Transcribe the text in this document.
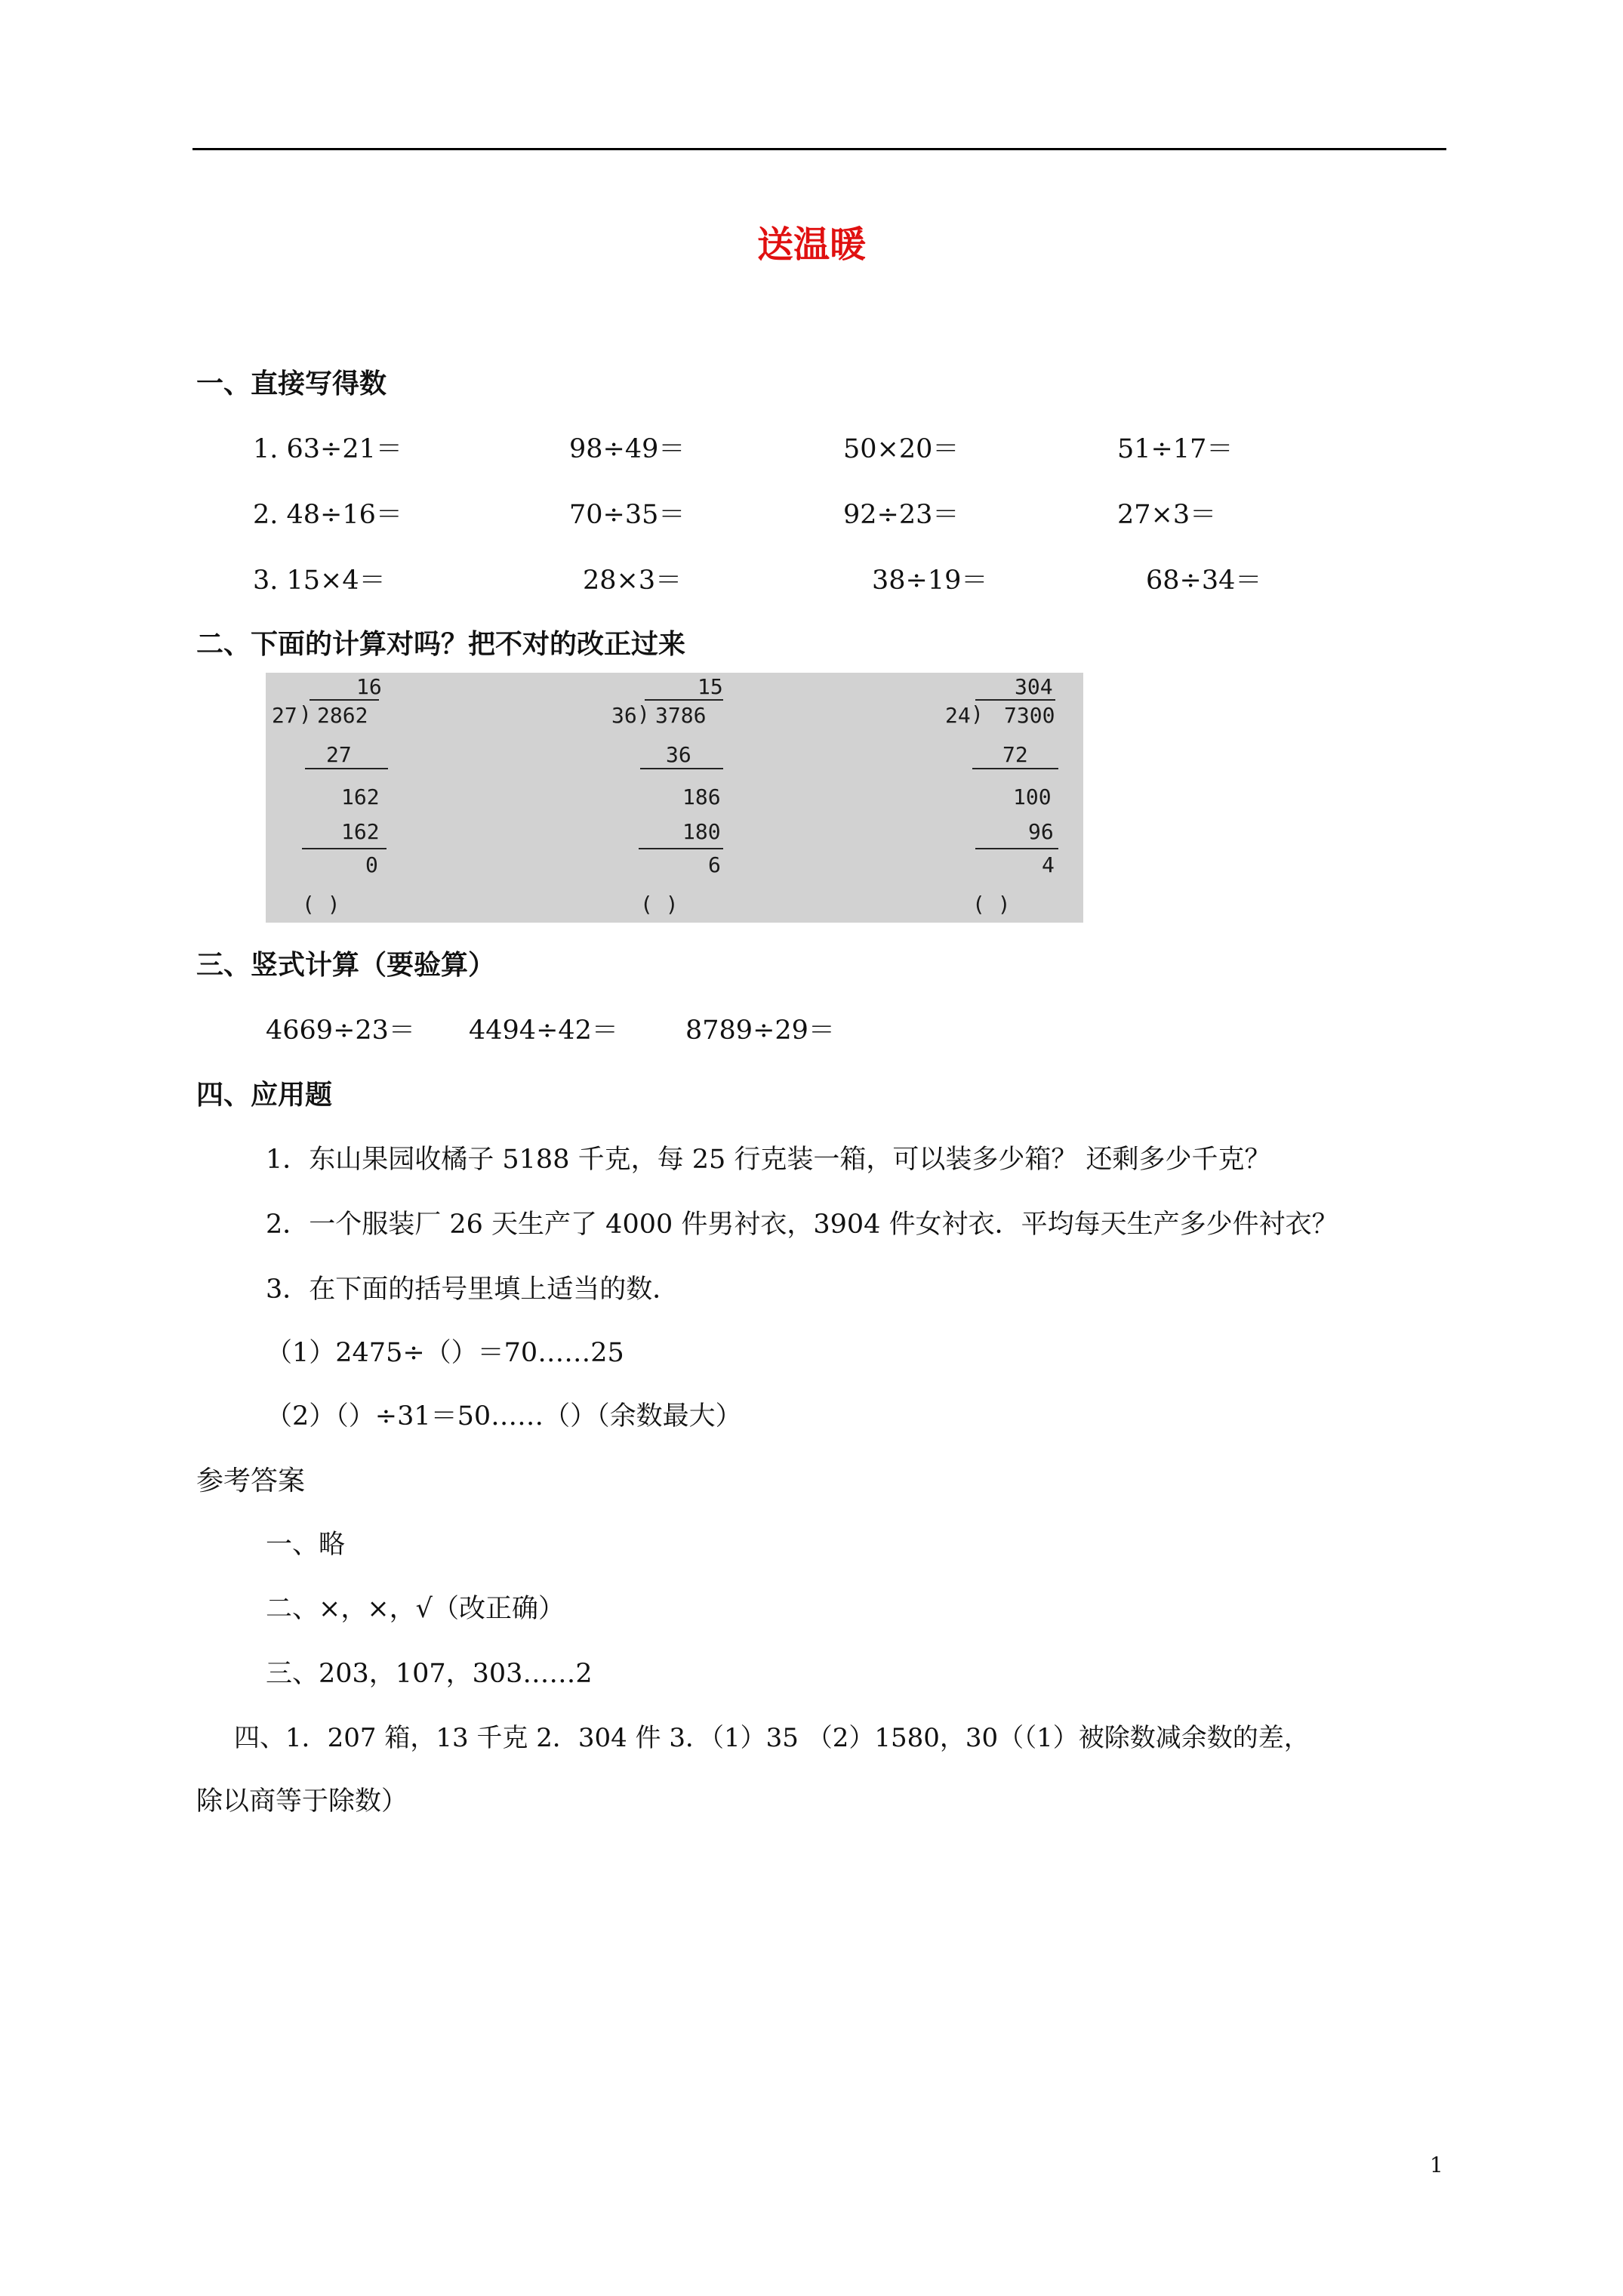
送温暖
一、直接写得数
1. 63÷21＝	98÷49＝	50×20＝	51÷17＝
2. 48÷16＝	70÷35＝	92÷23＝	27×3＝
3. 15×4＝	28×3＝	38÷19＝	68÷34＝
二、下面的计算对吗？把不对的改正过来
16
27 ) 2862
27
162
162
0
( )
15
36 ) 3786
36
186
180
6
( )
304
24 ) 7300
72
100
96
4
( )
三、竖式计算（要验算）
4669÷23＝ 4494÷42＝	8789÷29＝
四、应用题
1．东山果园收橘子 5188 千克，每 25 行克装一箱，可以装多少箱？ 还剩多少千克？
2．一个服装厂 26 天生产了 4000 件男衬衣，3904 件女衬衣．平均每天生产多少件衬衣？
3．在下面的括号里填上适当的数．
（1）2475÷（）＝70……25
（2）（）÷31＝50……（）（余数最大）
参考答案
一、略
二、×，×，√（改正确）
三、203，107，303……2
四、1．207 箱，13 千克 2．304 件 3．（1）35 （2）1580，30（（1）被除数减余数的差，
除以商等于除数）
1
